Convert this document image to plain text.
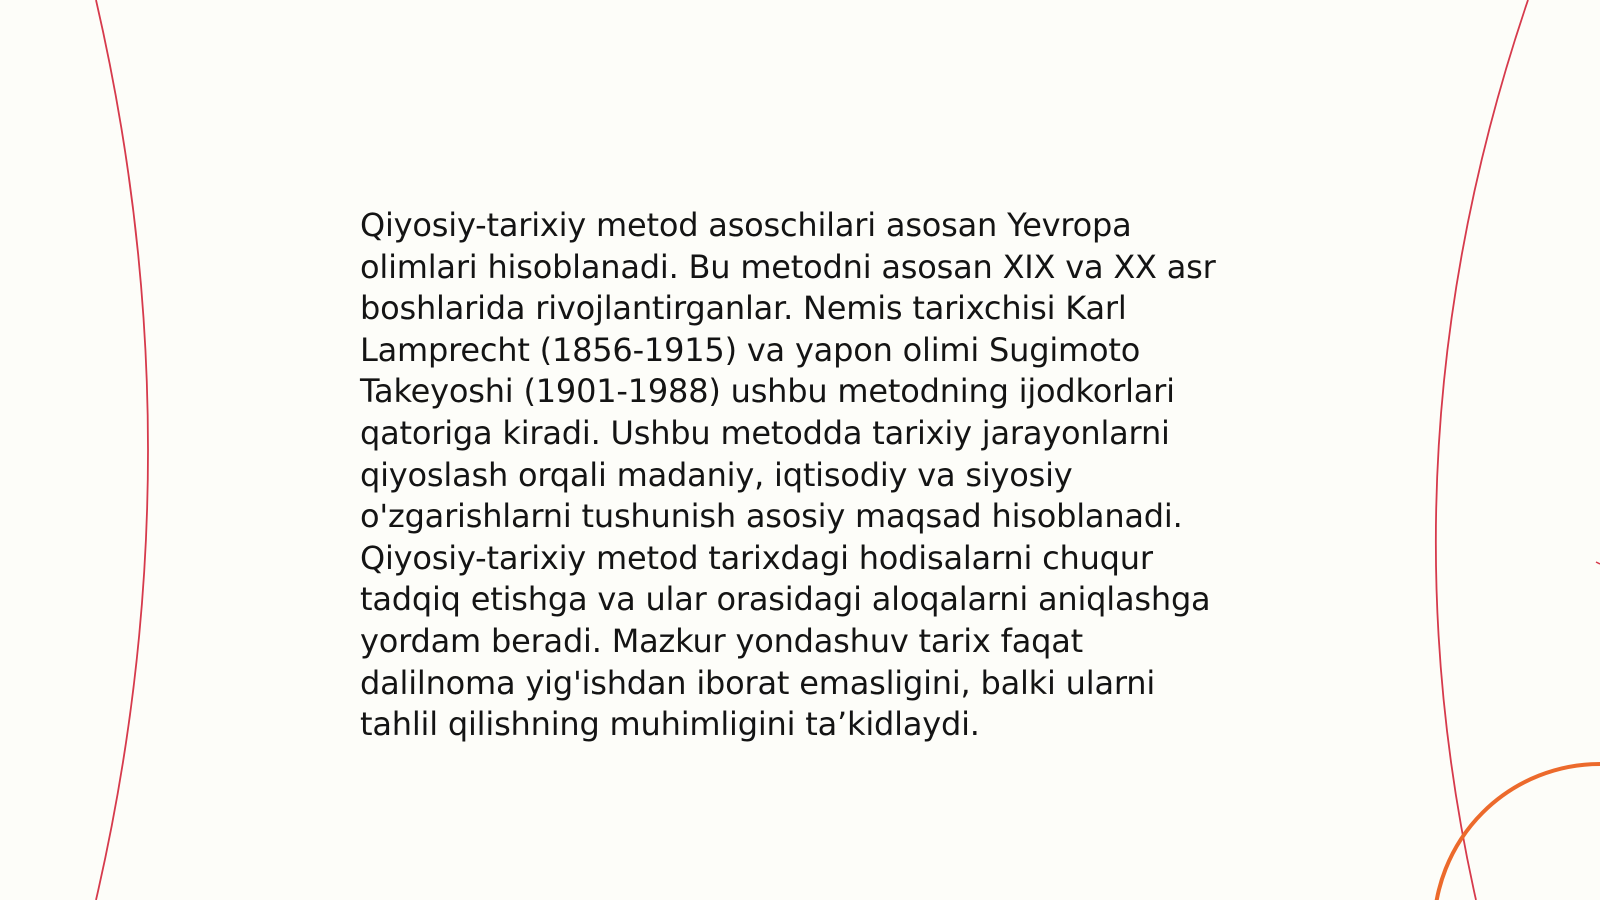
Qiyosiy-tarixiy metod asoschilari asosan Yevropa
olimlari hisoblanadi. Bu metodni asosan XIX va XX asr
boshlarida rivojlantirganlar. Nemis tarixchisi Karl
Lamprecht (1856-1915) va yapon olimi Sugimoto
Takeyoshi (1901-1988) ushbu metodning ijodkorlari
qatoriga kiradi. Ushbu metodda tarixiy jarayonlarni
qiyoslash orqali madaniy, iqtisodiy va siyosiy
o'zgarishlarni tushunish asosiy maqsad hisoblanadi.
Qiyosiy-tarixiy metod tarixdagi hodisalarni chuqur
tadqiq etishga va ular orasidagi aloqalarni aniqlashga
yordam beradi. Mazkur yondashuv tarix faqat
dalilnoma yig'ishdan iborat emasligini, balki ularni
tahlil qilishning muhimligini ta’kidlaydi.
